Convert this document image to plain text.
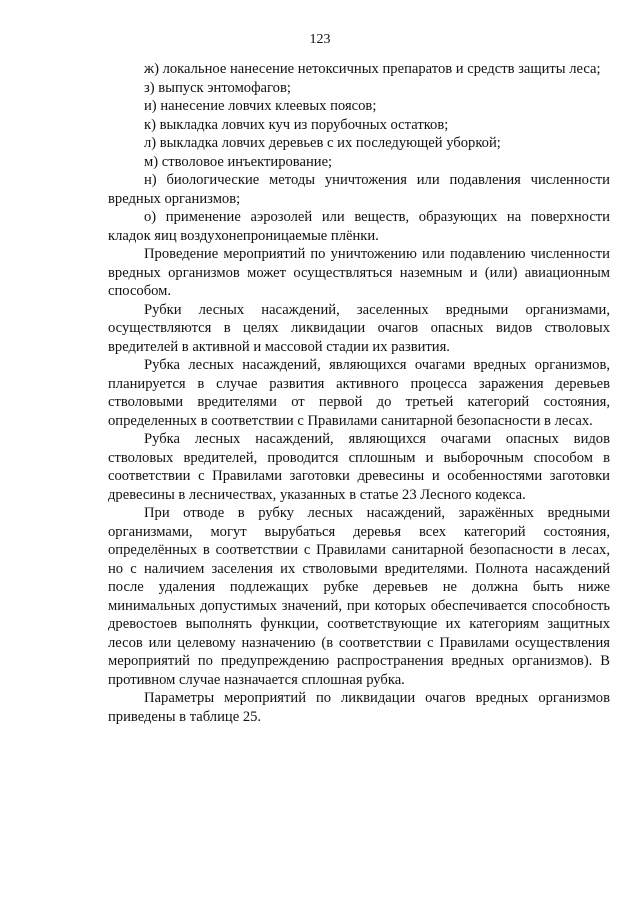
123

ж) локальное нанесение нетоксичных препаратов и средств защиты леса;

з) выпуск энтомофагов;

и) нанесение ловчих клеевых поясов;

к) выкладка ловчих куч из порубочных остатков;

л) выкладка ловчих деревьев с их последующей уборкой;

м) стволовое инъектирование;

н) биологические методы уничтожения или подавления численности вредных организмов;

о) применение аэрозолей или веществ, образующих на поверхности кладок яиц воздухонепроницаемые плёнки.

Проведение мероприятий по уничтожению или подавлению численности вредных организмов может осуществляться наземным и (или) авиационным способом.

Рубки лесных насаждений, заселенных вредными организмами, осуществляются в целях ликвидации очагов опасных видов стволовых вредителей в активной и массовой стадии их развития.

Рубка лесных насаждений, являющихся очагами вредных организмов, планируется в случае развития активного процесса заражения деревьев стволовыми вредителями от первой до третьей категорий состояния, определенных в соответствии с Правилами санитарной безопасности в лесах.

Рубка лесных насаждений, являющихся очагами опасных видов стволовых вредителей, проводится сплошным и выборочным способом в соответствии с Правилами заготовки древесины и особенностями заготовки древесины в лесничествах, указанных в статье 23 Лесного кодекса.

При отводе в рубку лесных насаждений, заражённых вредными организмами, могут вырубаться деревья всех категорий состояния, определённых в соответствии с Правилами санитарной безопасности в лесах, но с наличием заселения их стволовыми вредителями. Полнота насаждений после удаления подлежащих рубке деревьев не должна быть ниже минимальных допустимых значений, при которых обеспечивается способность древостоев выполнять функции, соответствующие их категориям защитных лесов или целевому назначению (в соответствии с Правилами осуществления мероприятий по предупреждению распространения вредных организмов). В противном случае назначается сплошная рубка.

Параметры мероприятий по ликвидации очагов вредных организмов приведены в таблице 25.
